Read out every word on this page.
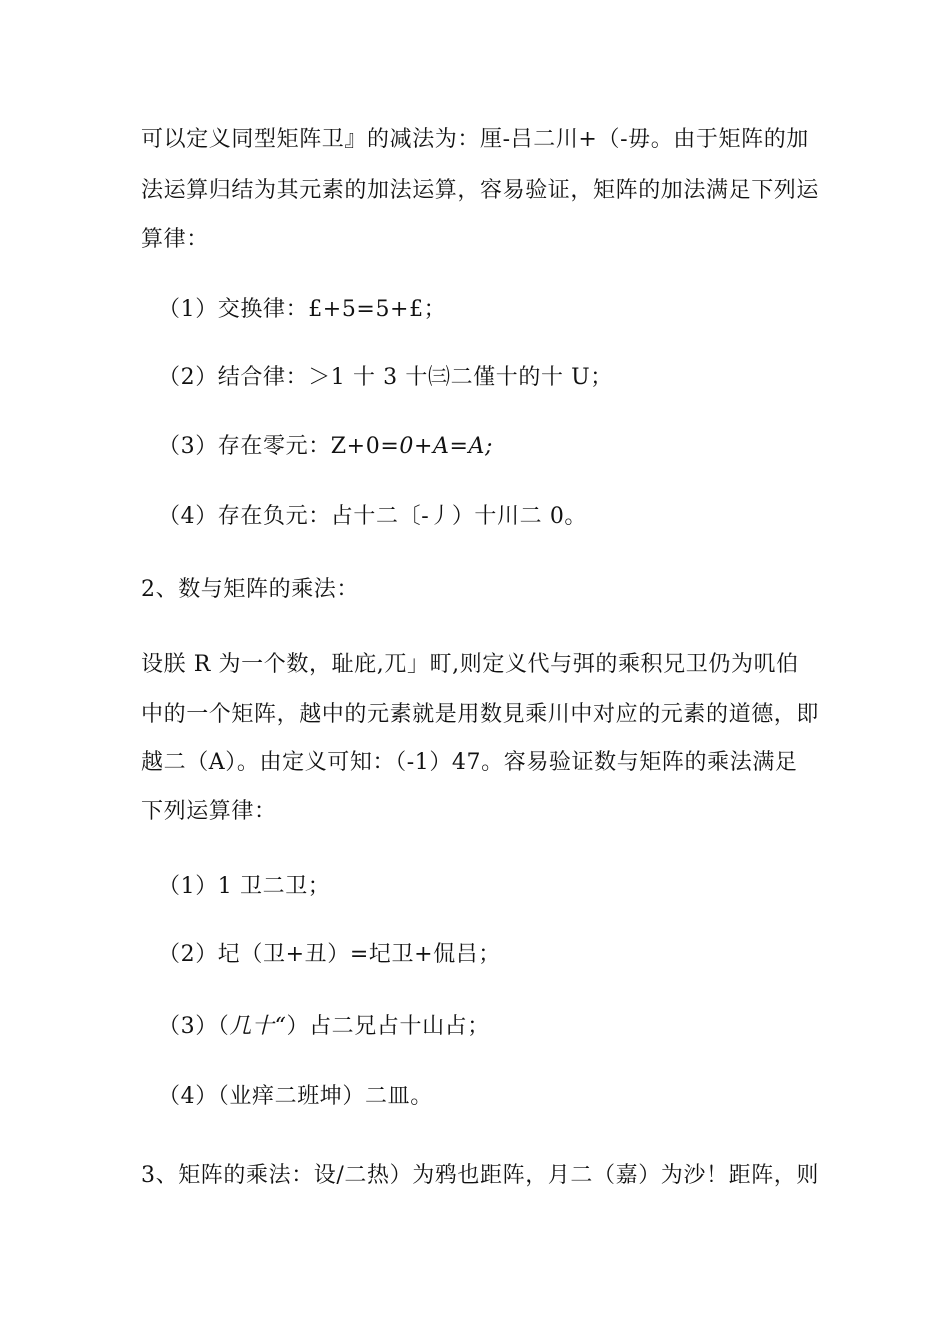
可以定义同型矩阵卫』的减法为：厘-吕二川+（-毋。由于矩阵的加
法运算归结为其元素的加法运算，容易验证，矩阵的加法满足下列运
算律：
（1）交换律：£+5=5+£；
（2）结合律：＞1 十 3 十㈢二僅十的十 U；
（3）存在零元：Z+0=0+A=A;
（4）存在负元：占十二〔-丿）十川二 0。
2、数与矩阵的乘法：
设朕 R 为一个数，耻庇,兀」町,则定义代与弭的乘积兄卫仍为叽伯
中的一个矩阵，越中的元素就是用数見乘川中对应的元素的道德，即
越二（A）。由定义可知：（-1）47。容易验证数与矩阵的乘法满足
下列运算律：
（1）1 卫二卫；
（2）圮（卫+丑）=圮卫+侃吕；
（3）（几十“）占二兄占十山占；
（4）（业痒二班坤）二皿。
3、矩阵的乘法：设/二热）为鸦也距阵，月二（嘉）为沙！距阵，则
